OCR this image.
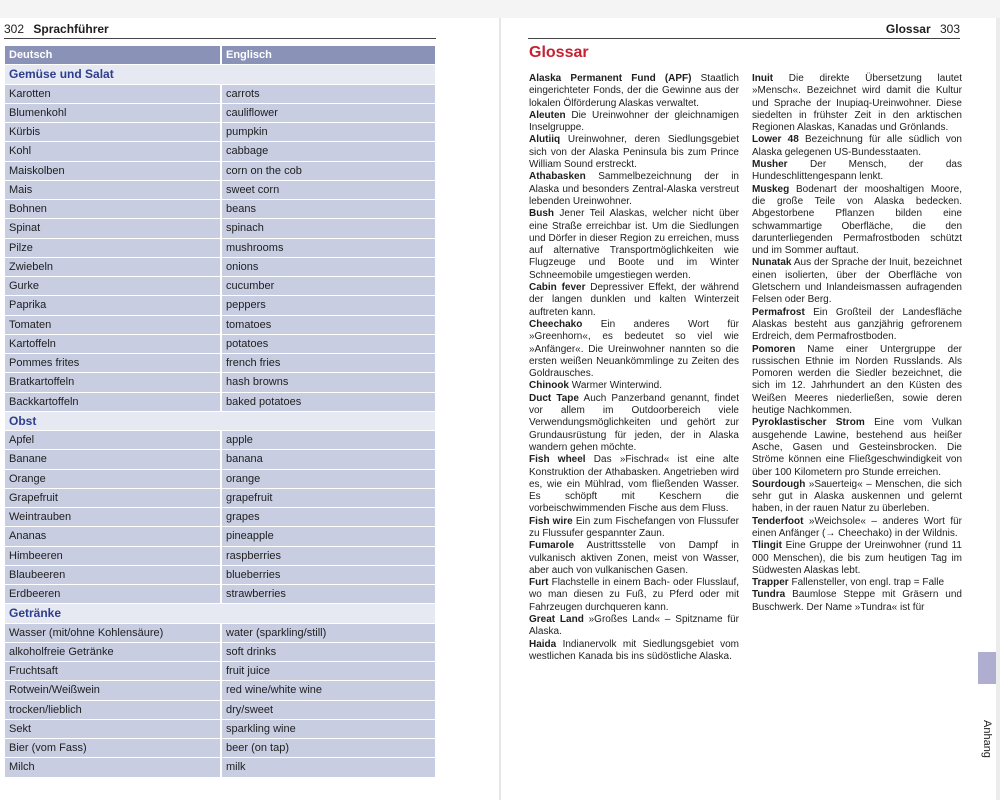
302 Sprachführer
Deutsch	Englisch
Gemüse und Salat
Karotten	carrots
Blumenkohl	cauliflower
Kürbis	pumpkin
Kohl	cabbage
Maiskolben	corn on the cob
Mais	sweet corn
Bohnen	beans
Spinat	spinach
Pilze	mushrooms
Zwiebeln	onions
Gurke	cucumber
Paprika	peppers
Tomaten	tomatoes
Kartoffeln	potatoes
Pommes frites	french fries
Bratkartoffeln	hash browns
Backkartoffeln	baked potatoes
Obst
Apfel	apple
Banane	banana
Orange	orange
Grapefruit	grapefruit
Weintrauben	grapes
Ananas	pineapple
Himbeeren	raspberries
Blaubeeren	blueberries
Erdbeeren	strawberries
Getränke
Wasser (mit/ohne Kohlensäure)	water (sparkling/still)
alkoholfreie Getränke	soft drinks
Fruchtsaft	fruit juice
Rotwein/Weißwein	red wine/white wine
trocken/lieblich	dry/sweet
Sekt	sparkling wine
Bier (vom Fass)	beer (on tap)
Milch	milk
Glossar 303
Glossar

Alaska Permanent Fund (APF) Staatlich eingerichteter Fonds, der die Gewinne aus der lokalen Ölförderung Alaskas verwaltet.

Aleuten Die Ureinwohner der gleichnamigen Inselgruppe.

Alutiiq Ureinwohner, deren Siedlungsgebiet sich von der Alaska Peninsula bis zum Prince William Sound erstreckt.

Athabasken Sammelbezeichnung der in Alaska und besonders Zentral-Alaska verstreut lebenden Ureinwohner.

Bush Jener Teil Alaskas, welcher nicht über eine Straße erreichbar ist. Um die Siedlungen und Dörfer in dieser Region zu erreichen, muss auf alternative Transportmöglichkeiten wie Flugzeuge und Boote und im Winter Schneemobile umgestiegen werden.

Cabin fever Depressiver Effekt, der während der langen dunklen und kalten Winterzeit auftreten kann.

Cheechako Ein anderes Wort für »Greenhorn«, es bedeutet so viel wie »Anfänger«. Die Ureinwohner nannten so die ersten weißen Neuankömmlinge zu Zeiten des Goldrausches.

Chinook Warmer Winterwind.

Duct Tape Auch Panzerband genannt, findet vor allem im Outdoorbereich viele Verwendungsmöglichkeiten und gehört zur Grundausrüstung für jeden, der in Alaska wandern gehen möchte.

Fish wheel Das »Fischrad« ist eine alte Konstruktion der Athabasken. Angetrieben wird es, wie ein Mühlrad, vom fließenden Wasser. Es schöpft mit Keschern die vorbeischwimmenden Fische aus dem Fluss.

Fish wire Ein zum Fischefangen von Flussufer zu Flussufer gespannter Zaun.

Fumarole Austrittsstelle von Dampf in vulkanisch aktiven Zonen, meist von Wasser, aber auch von vulkanischen Gasen.

Furt Flachstelle in einem Bach- oder Flusslauf, wo man diesen zu Fuß, zu Pferd oder mit Fahrzeugen durchqueren kann.

Great Land »Großes Land« – Spitzname für Alaska.

Haida Indianervolk mit Siedlungsgebiet vom westlichen Kanada bis ins südöstliche Alaska.

Inuit Die direkte Übersetzung lautet »Mensch«. Bezeichnet wird damit die Kultur und Sprache der Inupiaq-Ureinwohner. Diese siedelten in frühster Zeit in den arktischen Regionen Alaskas, Kanadas und Grönlands.

Lower 48 Bezeichnung für alle südlich von Alaska gelegenen US-Bundesstaaten.

Musher Der Mensch, der das Hundeschlittengespann lenkt.

Muskeg Bodenart der mooshaltigen Moore, die große Teile von Alaska bedecken. Abgestorbene Pflanzen bilden eine schwammartige Oberfläche, die den darunterliegenden Permafrostboden schützt und im Sommer auftaut.

Nunatak Aus der Sprache der Inuit, bezeichnet einen isolierten, über der Oberfläche von Gletschern und Inlandeismassen aufragenden Felsen oder Berg.

Permafrost Ein Großteil der Landesfläche Alaskas besteht aus ganzjährig gefrorenem Erdreich, dem Permafrostboden.

Pomoren Name einer Untergruppe der russischen Ethnie im Norden Russlands. Als Pomoren werden die Siedler bezeichnet, die sich im 12. Jahrhundert an den Küsten des Weißen Meeres niederließen, sowie deren heutige Nachkommen.

Pyroklastischer Strom Eine vom Vulkan ausgehende Lawine, bestehend aus heißer Asche, Gasen und Gesteinsbrocken. Die Ströme können eine Fließgeschwindigkeit von über 100 Kilometern pro Stunde erreichen.

Sourdough »Sauerteig« – Menschen, die sich sehr gut in Alaska auskennen und gelernt haben, in der rauen Natur zu überleben.

Tenderfoot »Weichsole« – anderes Wort für einen Anfänger (→ Cheechako) in der Wildnis.

Tlingit Eine Gruppe der Ureinwohner (rund 11 000 Menschen), die bis zum heutigen Tag im Südwesten Alaskas lebt.

Trapper Fallensteller, von engl. trap = Falle

Tundra Baumlose Steppe mit Gräsern und Buschwerk. Der Name »Tundra« ist für

Anhang
